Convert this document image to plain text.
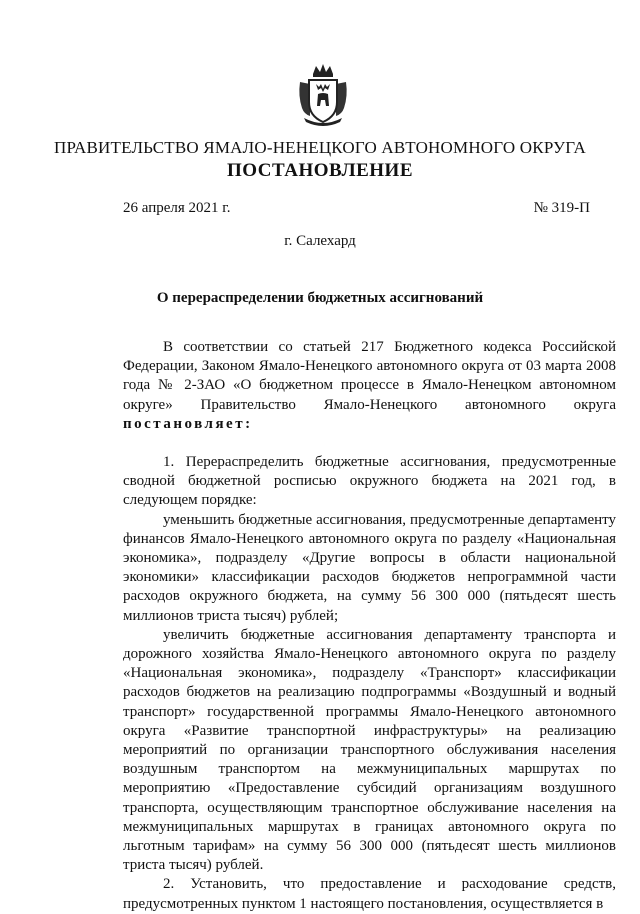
ПРАВИТЕЛЬСТВО ЯМАЛО-НЕНЕЦКОГО АВТОНОМНОГО ОКРУГА
ПОСТАНОВЛЕНИЕ
26 апреля 2021 г.	№ 319-П
г. Салехард
О перераспределении бюджетных ассигнований

В соответствии со статьей 217 Бюджетного кодекса Российской Федерации, Законом Ямало-Ненецкого автономного округа от 03 марта 2008 года № 2-ЗАО «О бюджетном процессе в Ямало-Ненецком автономном округе» Правительство Ямало-Ненецкого автономного округа постановляет:

1. Перераспределить бюджетные ассигнования, предусмотренные сводной бюджетной росписью окружного бюджета на 2021 год, в следующем порядке:

уменьшить бюджетные ассигнования, предусмотренные департаменту финансов Ямало-Ненецкого автономного округа по разделу «Национальная экономика», подразделу «Другие вопросы в области национальной экономики» классификации расходов бюджетов непрограммной части расходов окружного бюджета, на сумму 56 300 000 (пятьдесят шесть миллионов триста тысяч) рублей;

увеличить бюджетные ассигнования департаменту транспорта и дорожного хозяйства Ямало-Ненецкого автономного округа по разделу «Национальная экономика», подразделу «Транспорт» классификации расходов бюджетов на реализацию подпрограммы «Воздушный и водный транспорт» государственной программы Ямало-Ненецкого автономного округа «Развитие транспортной инфраструктуры» на реализацию мероприятий по организации транспортного обслуживания населения воздушным транспортом на межмуниципальных маршрутах по мероприятию «Предоставление субсидий организациям воздушного транспорта, осуществляющим транспортное обслуживание населения на межмуниципальных маршрутах в границах автономного округа по льготным тарифам» на сумму 56 300 000 (пятьдесят шесть миллионов триста тысяч) рублей.

2. Установить, что предоставление и расходование средств, предусмотренных пунктом 1 настоящего постановления, осуществляется в
